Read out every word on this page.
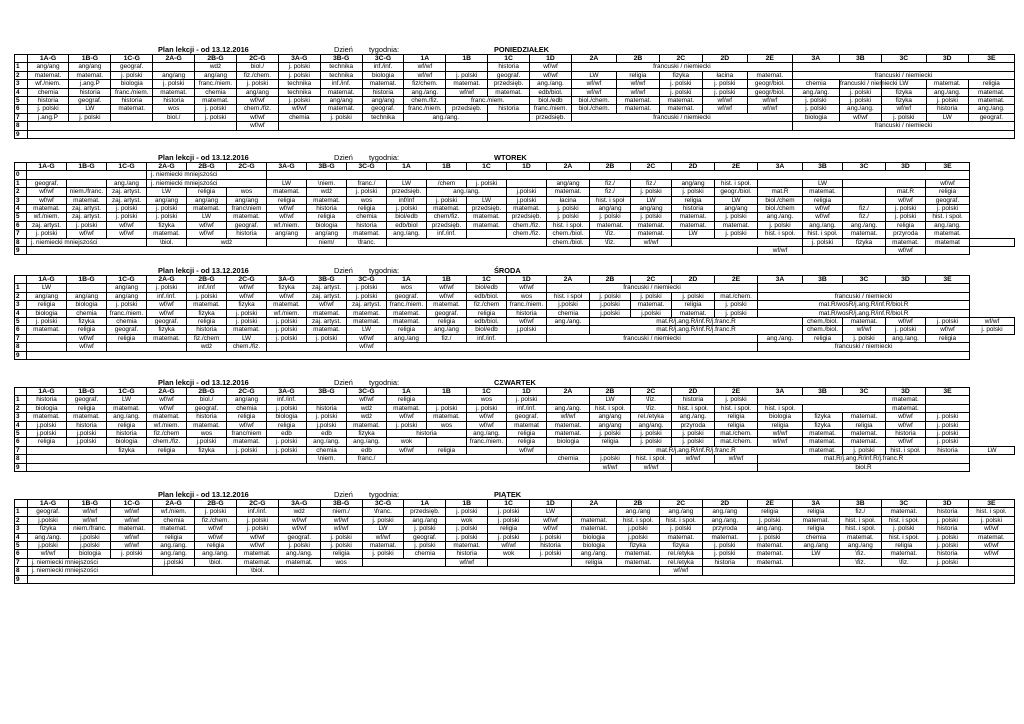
Plan lekcji - od 13.12.2016	Dzień tygodnia:	PONIEDZIAŁEK
	1A-G	1B-G	1C-G	2A-G	2B-G	2C-G	3A-G	3B-G	3C-G	1A	1B	1C	1D	2A	2B	2C	2D	2E	3A	3B	3C	3D	3E
1	ang/ang	ang/ang	geograf.		wdż	biol./	j. polski	technika	inf./inf.	wf/wf		historia	wf/wf	francuski / niemiecki									
2	matemat.	matemat.	j. polski	ang/ang	ang/ang	fiz./chem.	j. polski	technika	biologia	wf/wf	j. polski	geograf.	wf/wf	LW	religia	fizyka	łacina	matemat.	francuski / niemiecki				
3	wf./niem.	j.ang.P	biologia	j. polski	franc./niem.	j. polski	technika	inf./inf.	matemat.	fiz/chem.	matemat.	przedsięb.	ang./ang.	wf/wf	wf/wf	j. polski	j. polski	geogr/biol.	chemia	francuski / niemiecki	LW	matemat.	religia
4	chemia	historia	franc./niem.	matemat.	chemia	ang/ang	technika	matemat.	historia	ang./ang.	wf/wf	matemat.	edb/biol.	wf/wf	wf/wf	j. polski	j. polski	geogr/biol.	ang./ang.	j. polski	fizyka	ang./ang.	matemat.
5	historia	geograf.	historia	historia	matemat.	wf/wf	j. polski	ang/ang	ang/ang	chem./fiz.	franc./niem.		biol./edb	biol./chem.	matemat.	matemat.	wf/wf	wf/wf	j. polski	j. polski	fizyka	j. polski	matemat.
6	j. polski	LW	matemat.	wos	j. polski	chem./fiz.	wf/wf	matemat.	geograf.	franc./niem.	przedsięb.	historia	franc./niem.	biol./chem.	matemat.	matemat.	wf/wf	wf/wf	j. polski	ang./ang.	wf/wf	historia	ang./ang.
7	j.ang.P	j. polski		biol./	j. polski	wf/wf	chemia	j. polski	technika	ang./ang.			przedsięb.	francuski / niemiecki					biologia	wf/wf	j. polski	LW	geograf.
8						wf/wf													francuski / niemiecki				
9																							
Plan lekcji - od 13.12.2016	Dzień tygodnia:	WTOREK
	1A-G	1B-G	1C-G	2A-G	2B-G	2C-G	3A-G	3B-G	3C-G	1A	1B	1C	1D	2A	2B	2C	2D	2E	3A	3B	3C	3D	3E	
0				j. niemiecki mniejszości																				
1	geograf.		ang./ang	j. niemiecki mniejszości			LW	\niem.	franc./	LW	/chem	j. polski		ang/ang	fiz./	fiz./	ang/ang	hist. i społ.		LW			wf/wf	
2	wf/wf	niem./franc.	zaj. artyst.	LW	religia	wos	matemat.	wdż	j. polski	przedsięb.	ang./ang.		j.polski	matemat.	fiz./	j. polski	j. polski	geogr./biol.	mat.R	matemat.		mat.R	religia	
3	wf/wf	matemat.	zaj. artyst.	ang/ang	ang/ang	ang/ang	religia	matemat.	wos	inf/inf	j. polski	LW	j.polski	łacina	hist. i społ	LW	religia	LW	biol./chem	religia		wf/wf	geograf.	
4	matemat.	zaj. artyst.	j. polski	j. polski	matemat.	franc\niem	wf/wf	historia	religia	j. polski	matemat.	przedsięb.	matemat.	j. polski	ang/ang	ang/ang	historia	ang/ang	biol./chem	wf/wf	fiz./	j. polski	j. polski	
5	wf./niem.	zaj. artyst.	j. polski	j. polski	LW	matemat.	wf/wf	religia	chemia	biol/edb	chem/fiz.	matemat.	przedsięb.	j. polski	j. polski	j. polski	matemat.	j. polski	ang./ang.	wf/wf	fiz./	j. polski	hist. i społ.	
6	zaj. artyst.	j. polski	wf/wf	fizyka	wf/wf	geograf.	wf./niem.	biologia	historia	edb/biol	przedsięb.	matemat.	chem./fiz.	hist. i społ.	matemat.	matemat.	matemat.	matemat.	j. polski	ang./ang.	ang./ang.	religia	ang./ang.	
7	j. polski	wf/wf	wf/wf	matemat.	wf/wf	historia	ang/ang	ang/ang	matemat.	ang./ang.	inf./inf.		chem./fiz.	chem./biol.	\fiz.	matemat.	LW	j. polski	hist. i społ.	hist. i społ.	matemat.	przyroda	matemat.	
8	j. niemiecki mniejszości			\biol.	wdż			niem/	\franc.					chem./biol.	\fiz.	wf/wf				j. polski	fizyka	matemat.	matemat	
9																			wf/wf			wf/wf		
Plan lekcji - od 13.12.2016	Dzień tygodnia:	ŚRODA
	1A-G	1B-G	1C-G	2A-G	2B-G	2C-G	3A-G	3B-G	3C-G	1A	1B	1C	1D	2A	2B	2C	2D	2E	3A	3B	3C	3D	3E	
1	LW		ang/ang	j. polski	inf./inf	wf/wf	fizyka	zaj. artyst.	j. polski	wos	wf/wf	biol/edb	wf/wf	francuski / niemiecki										
2	ang/ang	ang/ang	ang/ang	inf./inf.	j. polski	wf/wf	wf/wf	zaj. artyst.	j. polski	geograf.	wf/wf	edb/biol.	wos	hist. i społ	j. polski	j. polski	j. polski	mat./chem.	francuski / niemiecki					
3	religia	biologia	j. polski	wf/wf	matemat.	fizyka	matemat.	wf/wf	zaj. artyst.	franc./niem.	matemat.	fiz./chem	franc./niem.	j.polski	j.polski	matemat.	religia	j. polski	mat.R/wosR/j.ang.R/inf.R/biol.R					
4	biologia	chemia	franc./niem.	wf/wf	fizyka	j. polski	wf./niem.	matemat.	matemat.	matemat.	geograf.	religia	historia	chemia	j.polski	j.polski	matemat.	j. polski	mat.R/wosR/j.ang.R/inf.R/biol.R					
5	j. polski	fizyka	chemia	geograf.	religia	j. polski	j. polski	zaj. artyst.	matemat.	matemat.	religia	edb/biol.	wf/wf	ang./ang.	mat.R/j.ang.R/inf.R/j.franc.R					chem./biol.	matemat.	wf/wf	j. polski	wf/wf
6	matemat.	religia	geograf.	fizyka	historia	matemat.	j. polski	matemat.	LW	religia	ang./ang	biol/edb	j.polski		mat.R/j.ang.R/inf.R/j.franc.R					chem./biol.	wf/wf	j. polski	wf/wf	j. polski
7		wf/wf	religia	matemat.	fiz./chem	LW	j. polski	j. polski	wf/wf	ang./ang	fiz./	inf./inf.		francuski / niemiecki					ang./ang.	religia	j. polski	ang./ang.	religia	
8		wf/wf			wdż	chem./fiz.			wf/wf										francuski / niemiecki					
9																								
Plan lekcji - od 13.12.2016	Dzień tygodnia:	CZWARTEK
	1A-G	1B-G	1C-G	2A-G	2B-G	2C-G	3A-G	3B-G	3C-G	1A	1B	1C	1D	2A	2B	2C	2D	2E	3A	3B	3C	3D	3E	
1	historia	geograf.	LW	wf/wf	biol./	ang/ang	inf./inf.		wf/wf	religia		wos	j. polski		LW	\fiz.	historia	j. polski				matemat.		
2	biologia	religia	matemat.	wf/wf	geograf.	chemia	j. polski	historia	wdż	matemat.	j. polski	j. polski	inf./inf.	ang./ang.	hist. i społ.	\fiz.	hist. i społ.	hist. i społ.	hist. i społ.			matemat.		
3	matemat.	matemat.	ang./ang.	matemat.	historia	religia	biologia	j. polski	wdż	wf/wf	matemat.	wf/wf	geograf.	wf/wf	ang/ang	rel./etyka	ang./ang.	religia	biologia	fizyka	matemat.	wf/wf	j. polski	
4	j.polski	historia	religia	wf./niem.	matemat.	wf/wf	religia	j.polski	matemat.	j. polski	wos	wf/wf	matemat	matemat.	ang/ang	ang/ang.	przyroda	religia	religia	fizyka	religia	wf/wf	j. polski	
5	j.polski	j.polski	historia	fiz./chem	wos	franc/niem	edb	edb	fizyka	historia		ang./ang.	religia	matemat.	j. polski	j. polski	j. polski	mat./chem.	wf/wf	matemat.	matemat.	historia	j. polski	
6	religia	j.polski	biologia	chem./fiz.	j.polski	matemat.	j. polski	ang./ang.	ang./ang.	wok		franc./niem.	religia	biologia	religia	j. polski	j. polski	mat./chem.	wf/wf	matemat.	matemat.	wf/wf	j. polski	
7			fizyka	religia	fizyka	j. polski	j. polski	chemia	edb	wf/wf	religia		wf/wf		mat.R/j.ang.R/inf.R/j.franc.R					matemat.	j. polski	hist. i społ.	historia	LW
8								\niem.	franc./					chemia	j.polski	hist. i społ.	wf/wf	wf/wf	mat.R/j.ang.R/inf.R/j.franc.R					
9															wf/wf	wf/wf			biol.R					
Plan lekcji - od 13.12.2016	Dzień tygodnia:	PIĄTEK
	1A-G	1B-G	1C-G	2A-G	2B-G	2C-G	3A-G	3B-G	3C-G	1A	1B	1C	1D	2A	2B	2C	2D	2E	3A	3B	3C	3D	3E
1	geograf.	wf/wf	wf/wf	wf./niem.	j. polski	inf./inf.	wdż	niem./	\franc.	przedsięb.	j. polski	j. polski	LW		ang./ang	ang./ang	ang./ang	religia	religia	fiz./	matemat.	historia	hist. i społ.
2	j.polski	wf/wf	wf/wf	chemia	fiz./chem.	j. polski	wf/wf	wf/wf	j. polski	ang./ang	wok	j. polski	wf/wf	matemat.	hist. i społ.	hist. i społ.	ang./ang.	j. polski	matemat.	hist. i społ.	hist. i społ.	j. polski	j. polski
3	fizyka	niem./franc.	matemat.	matemat.	wf/wf	j. polski	wf/wf	wf/wf	LW	j. polski	j. polski	religia	wf/wf	matemat.	j.polski	j. polski	przyroda	ang./ang.	religia	hist. i społ.	j. polski	historia	wf/wf
4	ang./ang.	j.polski	wf/wf	religia	wf/wf	wf/wf	geograf.	j. polski	wf/wf	geograf.	j. polski	j. polski	j. polski	biologia	j.polski	matemat.	matemat.	j. polski	chemia	matemat.	hist. i społ.	j. polski	matemat.
5	j.polski	j.polski	wf/wf	ang./ang.	religia	wf/wf	j. polski	j. polski	matemat.	j. polski	matemat.	wf/wf	historia	biologia	fizyka	fizyka	j. polski	matemat.	ang./ang	ang./ang	religia	j. polski	wf/wf
6	wf/wf	biologia	j. polski	ang./ang.	ang./ang.	matemat.	ang./ang.	religia	j. polski	chemia	historia	wok	j. polski	ang./ang.	matemat.	rel./etyka	j. polski	matemat.	LW	\fiz.	matemat.	historia	wf/wf
7	j. niemiecki mniejszości			j.polski	\biol.	matemat.	matemat.	wos			wf/wf			religia	matemat.	rel./etyka	historia	matemat.		\fiz.	\fiz.	j. polski	
8	j. niemiecki mniejszości					\biol.										wf/wf							
9																							
